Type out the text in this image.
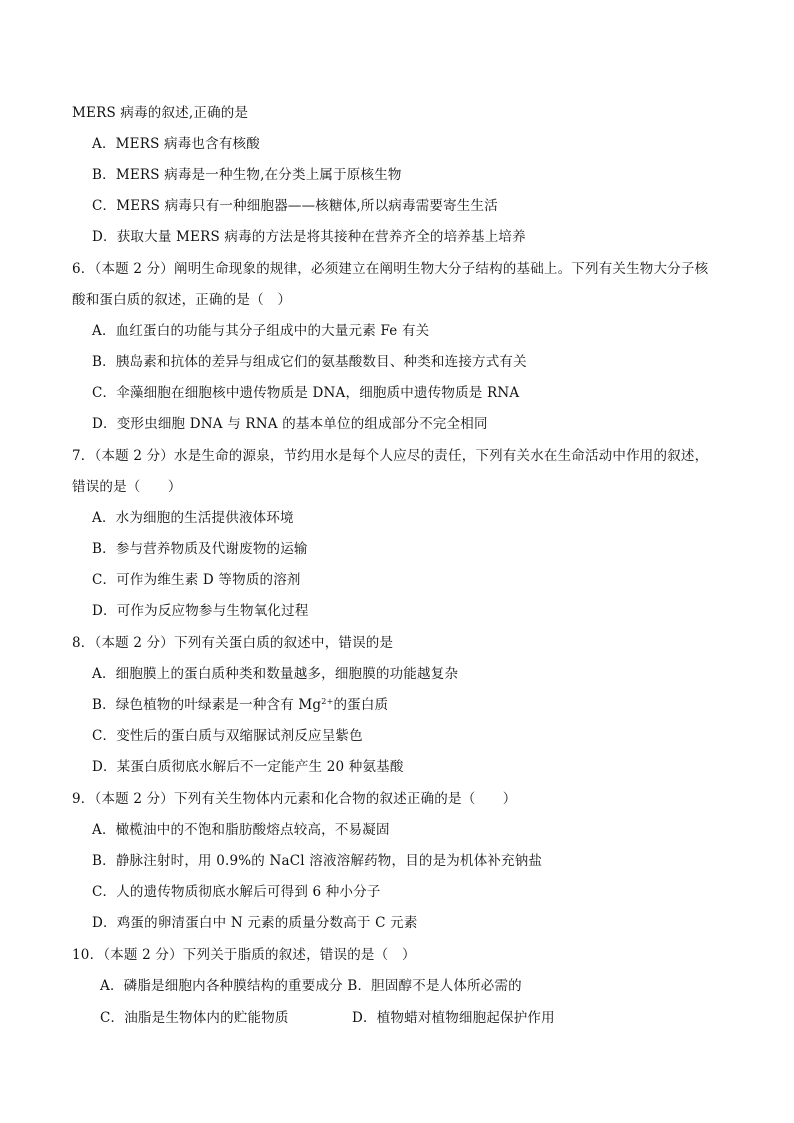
MERS 病毒的叙述,正确的是
A．MERS 病毒也含有核酸
B．MERS 病毒是一种生物,在分类上属于原核生物
C．MERS 病毒只有一种细胞器——核糖体,所以病毒需要寄生生活
D．获取大量 MERS 病毒的方法是将其接种在营养齐全的培养基上培养
6．（本题 2 分）阐明生命现象的规律，必须建立在阐明生物大分子结构的基础上。下列有关生物大分子核
酸和蛋白质的叙述，正确的是（　）
A．血红蛋白的功能与其分子组成中的大量元素 Fe 有关
B．胰岛素和抗体的差异与组成它们的氨基酸数目、种类和连接方式有关
C．伞藻细胞在细胞核中遗传物质是 DNA，细胞质中遗传物质是 RNA
D．变形虫细胞 DNA 与 RNA 的基本单位的组成部分不完全相同
7．（本题 2 分）水是生命的源泉，节约用水是每个人应尽的责任，下列有关水在生命活动中作用的叙述，
错误的是（　　）
A．水为细胞的生活提供液体环境
B．参与营养物质及代谢废物的运输
C．可作为维生素 D 等物质的溶剂
D．可作为反应物参与生物氧化过程
8．（本题 2 分）下列有关蛋白质的叙述中，错误的是
A．细胞膜上的蛋白质种类和数量越多，细胞膜的功能越复杂
B．绿色植物的叶绿素是一种含有 $Mg^{2+}$的蛋白质
C．变性后的蛋白质与双缩脲试剂反应呈紫色
D．某蛋白质彻底水解后不一定能产生 20 种氨基酸
9．（本题 2 分）下列有关生物体内元素和化合物的叙述正确的是（　　）
A．橄榄油中的不饱和脂肪酸熔点较高，不易凝固
B．静脉注射时，用 0.9%的 NaCl 溶液溶解药物，目的是为机体补充钠盐
C．人的遗传物质彻底水解后可得到 6 种小分子
D．鸡蛋的卵清蛋白中 N 元素的质量分数高于 C 元素
10．（本题 2 分）下列关于脂质的叙述，错误的是（　）
A．磷脂是细胞内各种膜结构的重要成分 B．胆固醇不是人体所必需的
C．油脂是生物体内的贮能物质	D．植物蜡对植物细胞起保护作用
